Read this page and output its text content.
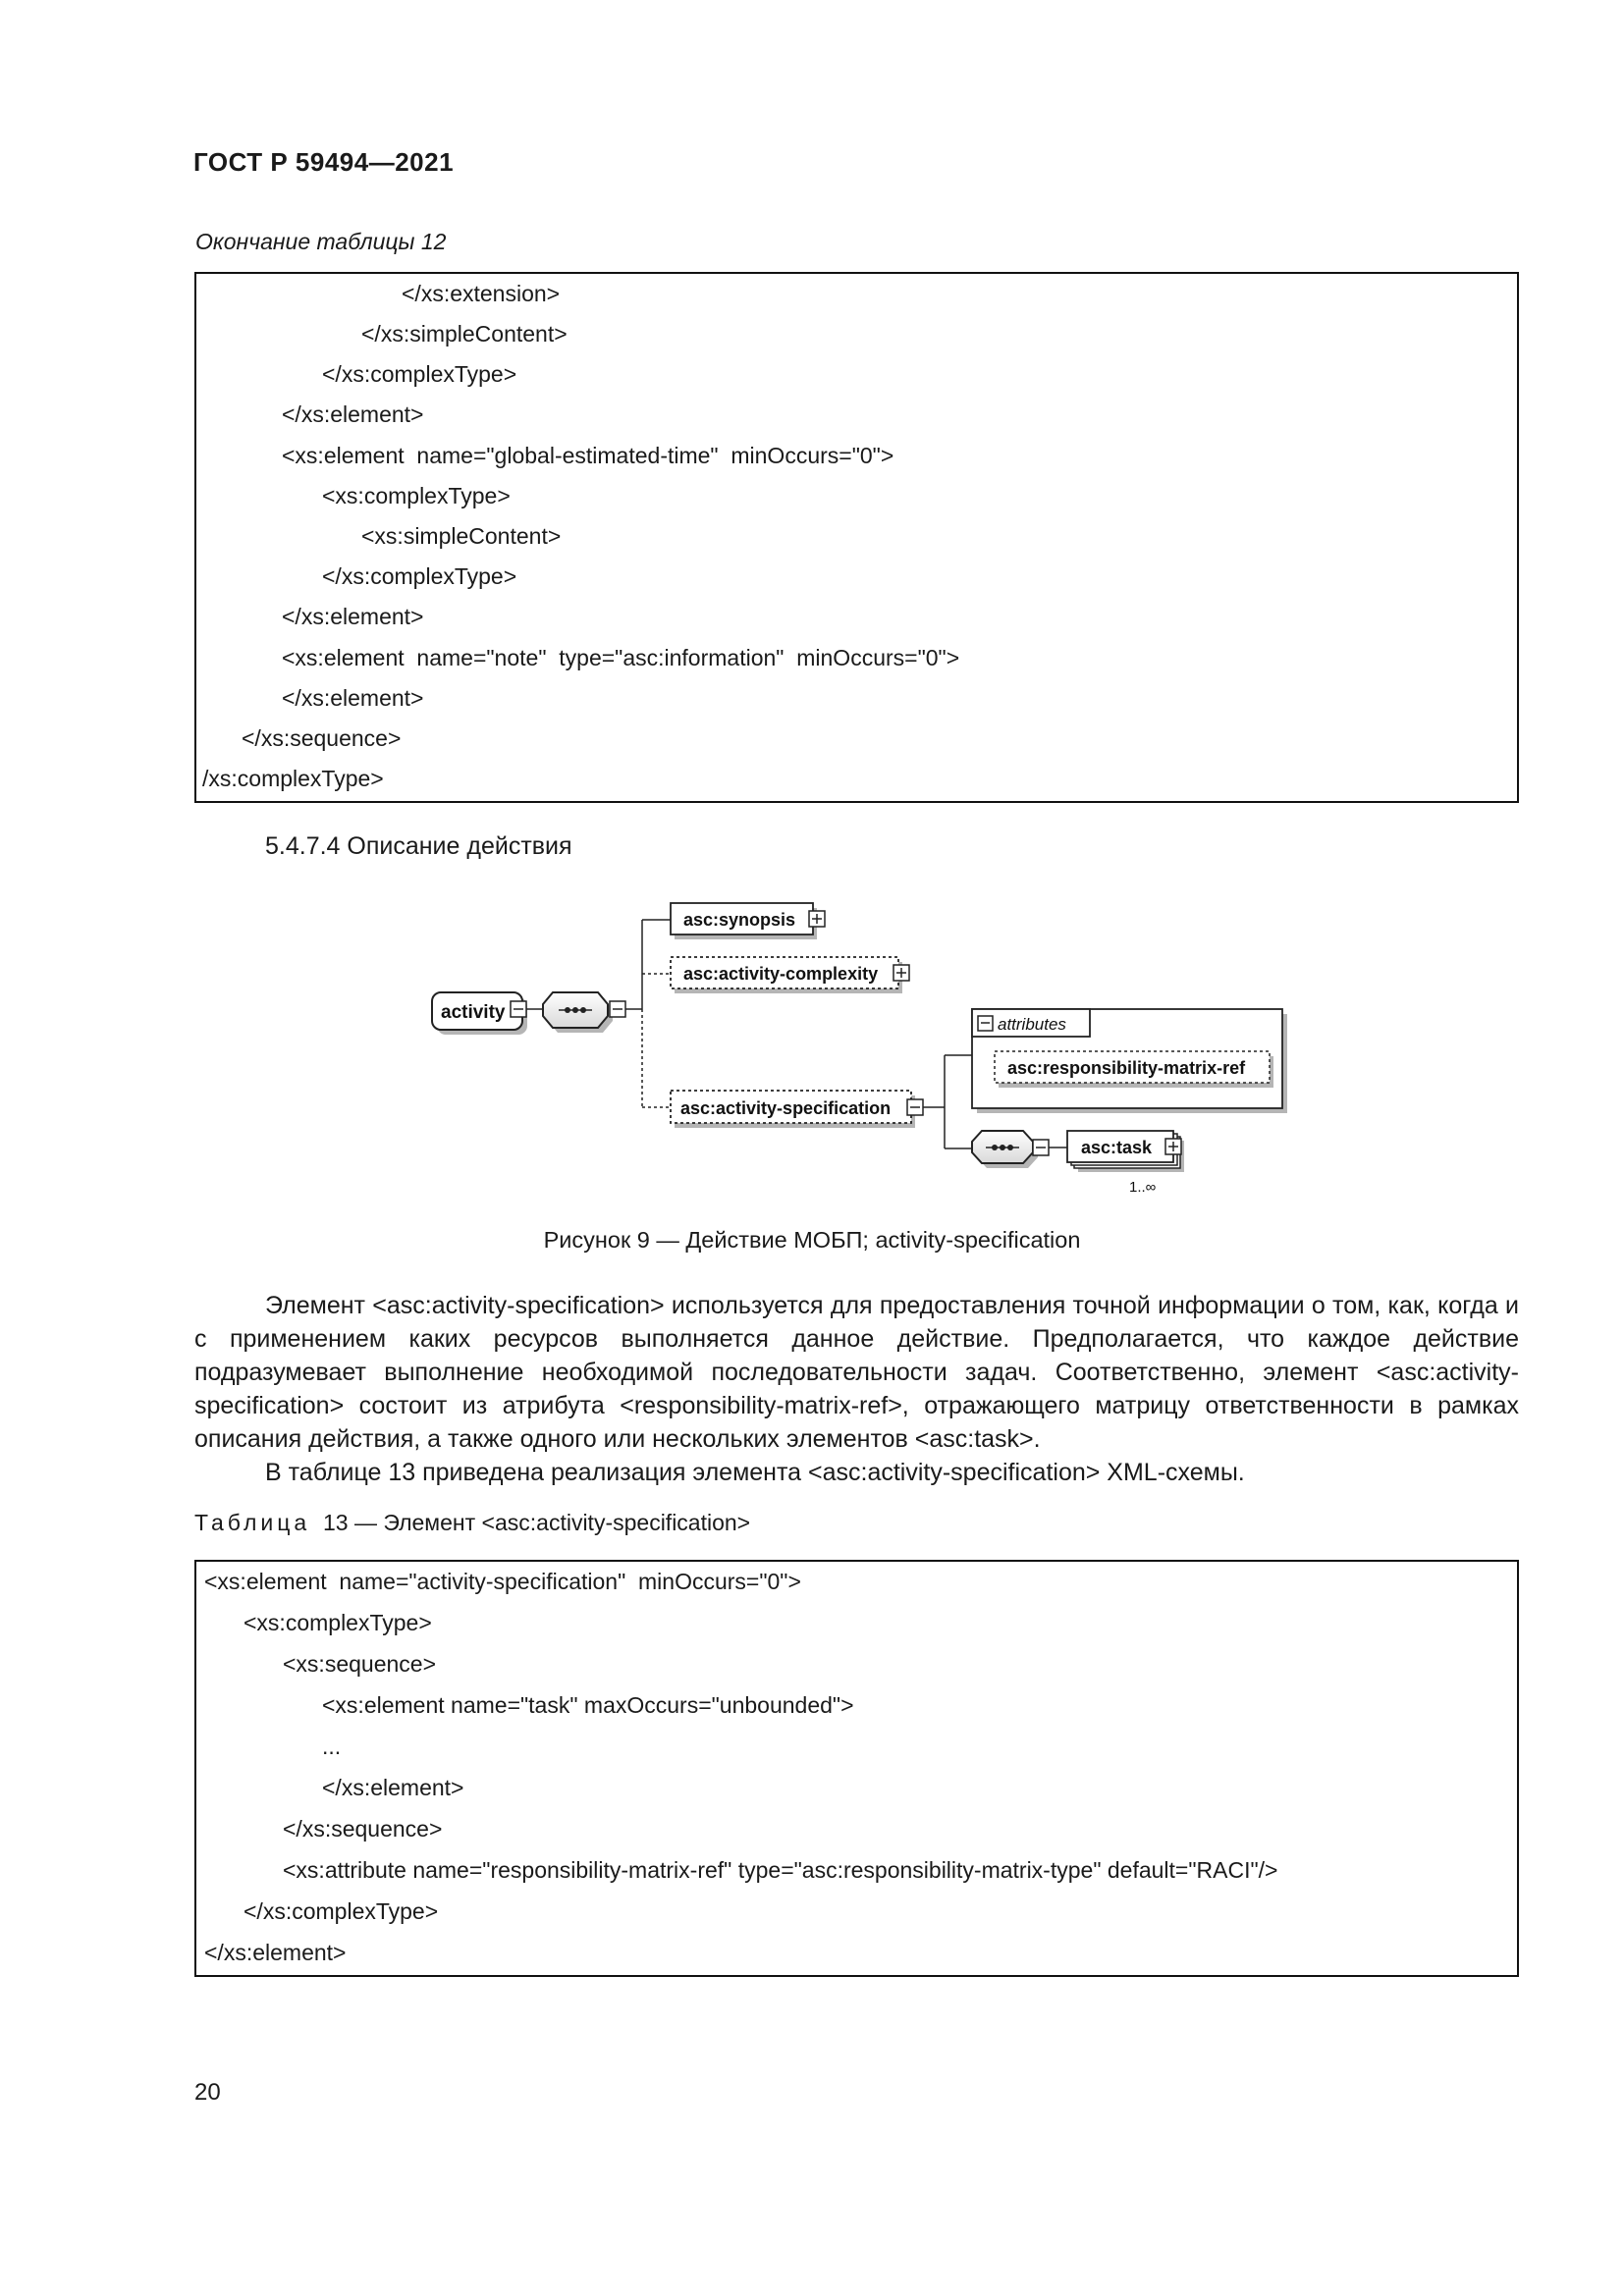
ГОСТ Р 59494—2021
Окончание таблицы 12
</xs:extension>
</xs:simpleContent>
</xs:complexType>
</xs:element>
<xs:element  name="global-estimated-time"  minOccurs="0">
<xs:complexType>
<xs:simpleContent>
</xs:complexType>
</xs:element>
<xs:element  name="note"  type="asc:information"  minOccurs="0">
</xs:element>
</xs:sequence>
/xs:complexType>
5.4.7.4 Описание действия
activity
asc:synopsis
asc:activity-complexity
asc:activity-specification
attributes
asc:responsibility-matrix-ref
asc:task
1..∞
Рисунок 9 — Действие МОБП; activity-specification

Элемент <asc:activity-specification> используется для предоставления точной информации о том, как, когда и с применением каких ресурсов выполняется данное действие. Предполагается, что каждое действие подразумевает выполнение необходимой последовательности задач. Соответственно, элемент <asc:activity-specification> состоит из атрибута <responsibility-matrix-ref>, отражающего матрицу ответственности в рамках описания действия, а также одного или нескольких элементов <asc:task>.

В таблице 13 приведена реализация элемента <asc:activity-specification> XML-схемы.

Таблица 13 — Элемент <asc:activity-specification>
<xs:element  name="activity-specification"  minOccurs="0">
<xs:complexType>
<xs:sequence>
<xs:element name="task" maxOccurs="unbounded">
...
</xs:element>
</xs:sequence>
<xs:attribute name="responsibility-matrix-ref" type="asc:responsibility-matrix-type" default="RACI"/>
</xs:complexType>
</xs:element>
20
